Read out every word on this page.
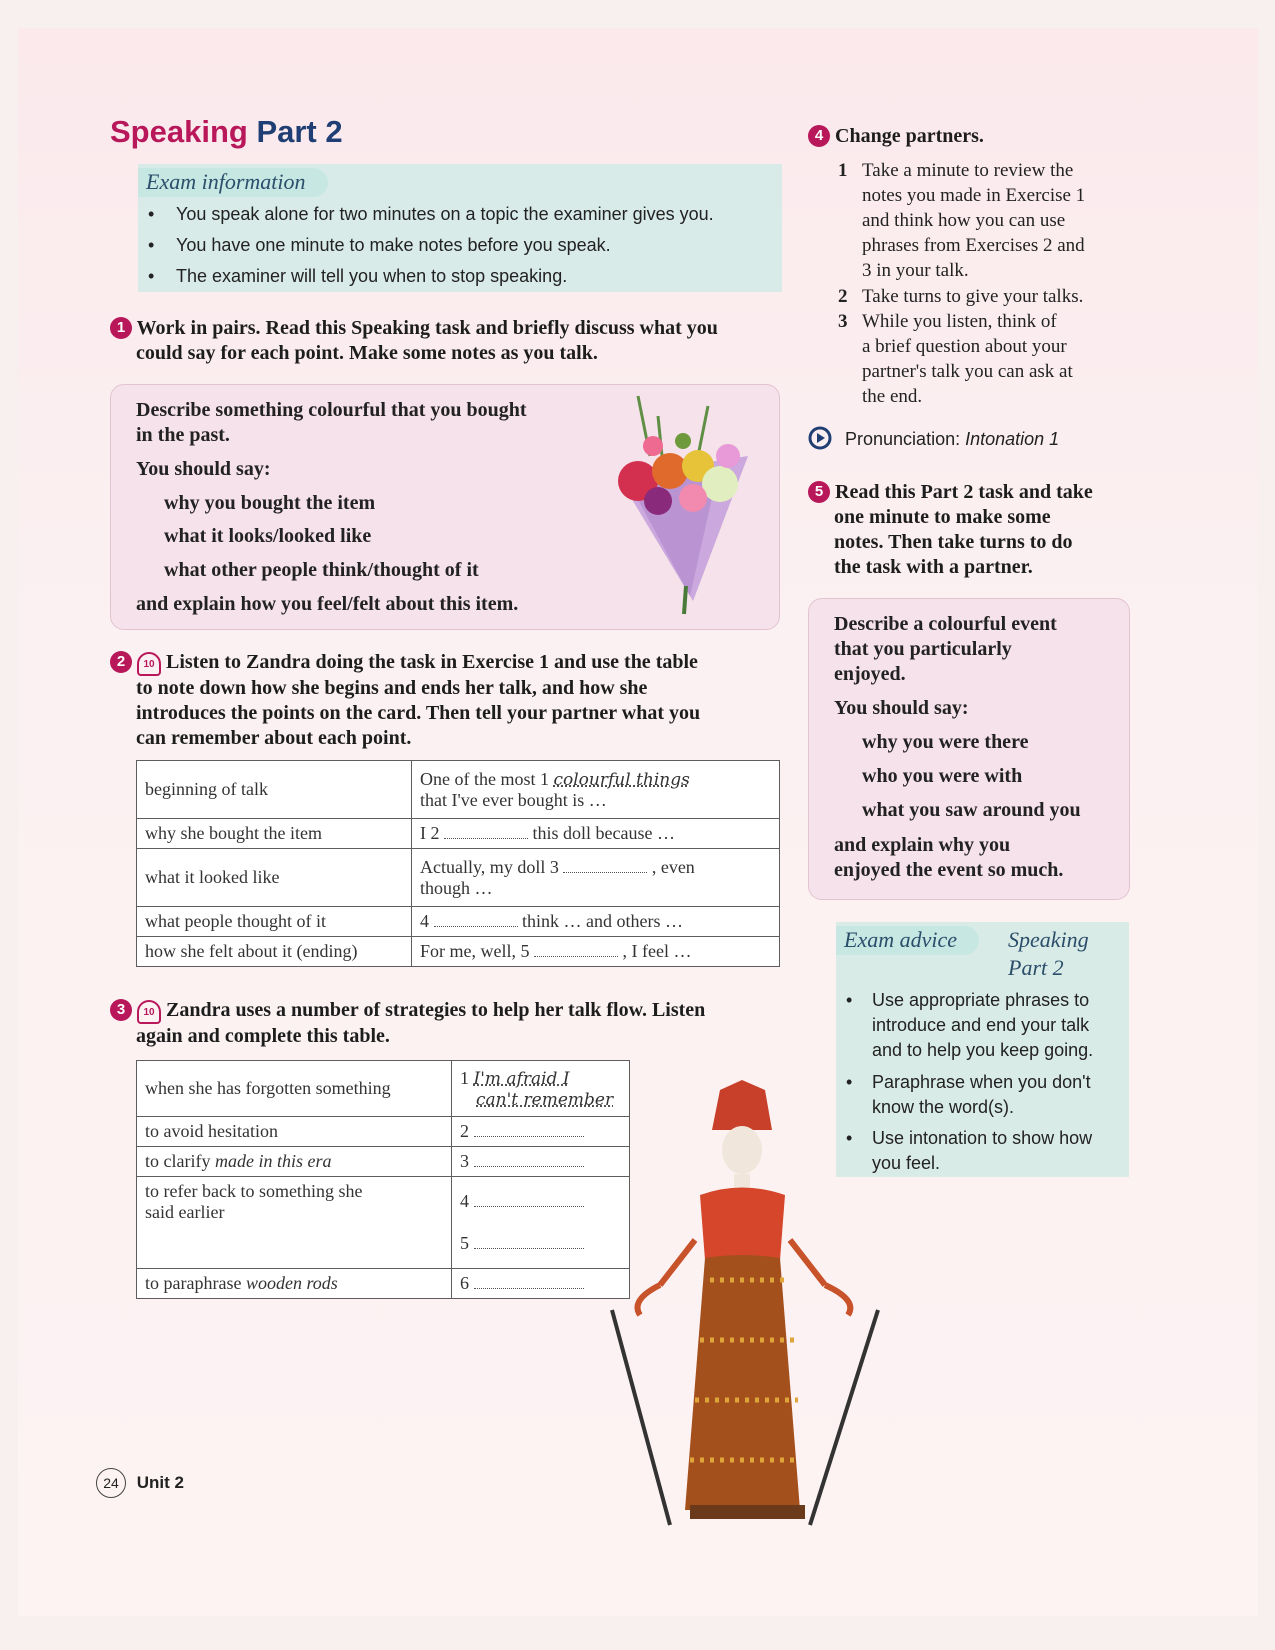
Speaking Part 2
Exam information
• You speak alone for two minutes on a topic the examiner gives you.
• You have one minute to make notes before you speak.
• The examiner will tell you when to stop speaking.
1 Work in pairs. Read this Speaking task and briefly discuss what you
could say for each point. Make some notes as you talk.
Describe something colourful that you bought
in the past.
You should say:
why you bought the item
what it looks/looked like
what other people think/thought of it
and explain how you feel/felt about this item.
2 10 Listen to Zandra doing the task in Exercise 1 and use the table
to note down how she begins and ends her talk, and how she
introduces the points on the card. Then tell your partner what you
can remember about each point.
beginning of talk	One of the most 1 colourful things
that I've ever bought is …
why she bought the item	I 2 this doll because …
what it looked like	Actually, my doll 3 , even
though …
what people thought of it	4 think … and others …
how she felt about it (ending)	For me, well, 5 , I feel …
3 10 Zandra uses a number of strategies to help her talk flow. Listen
again and complete this table.
when she has forgotten something	1 I'm afraid I
can't remember
to avoid hesitation	2
to clarify made in this era	3
to refer back to something she
said earlier	4

5
to paraphrase wooden rods	6
4 Change partners.
1 Take a minute to review the
notes you made in Exercise 1
and think how you can use
phrases from Exercises 2 and
3 in your talk.
2 Take turns to give your talks.
3 While you listen, think of
a brief question about your
partner's talk you can ask at
the end.
Pronunciation: Intonation 1
5 Read this Part 2 task and take
one minute to make some
notes. Then take turns to do
the task with a partner.
Describe a colourful event
that you particularly
enjoyed.
You should say:
why you were there
who you were with
what you saw around you
and explain why you
enjoyed the event so much.
Exam advice	Speaking
Part 2
• Use appropriate phrases to
introduce and end your talk
and to help you keep going.
• Paraphrase when you don't
know the word(s).
• Use intonation to show how
you feel.
24 Unit 2
